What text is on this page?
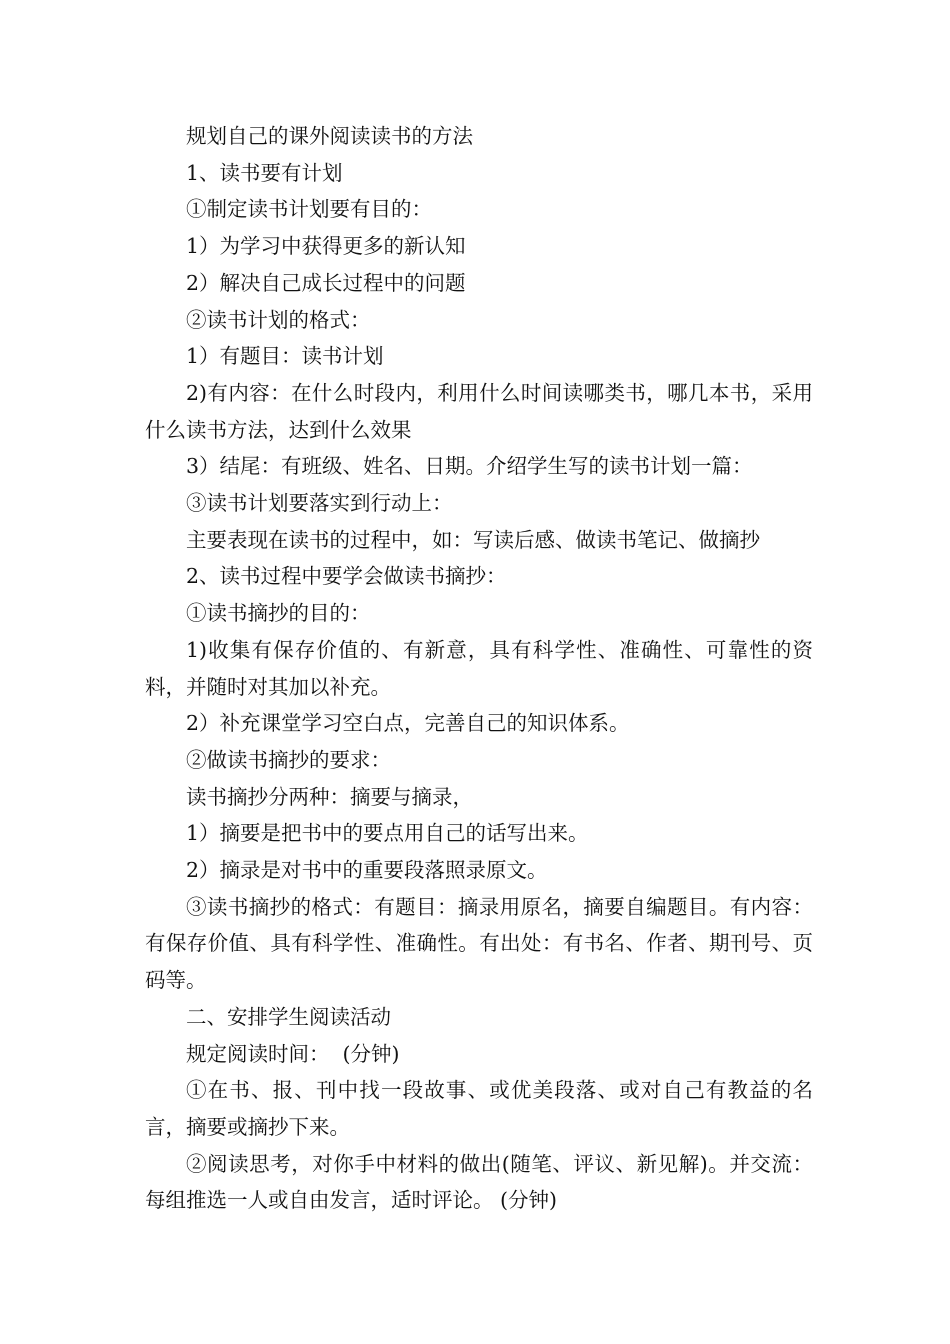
规划自己的课外阅读读书的方法

1、读书要有计划

①制定读书计划要有目的：

1）为学习中获得更多的新认知

2）解决自己成长过程中的问题

②读书计划的格式：

1）有题目：读书计划

2)有内容：在什么时段内，利用什么时间读哪类书，哪几本书，采用什么读书方法，达到什么效果

3）结尾：有班级、姓名、日期。介绍学生写的读书计划一篇：

③读书计划要落实到行动上：

主要表现在读书的过程中，如：写读后感、做读书笔记、做摘抄

2、读书过程中要学会做读书摘抄：

①读书摘抄的目的：

1)收集有保存价值的、有新意，具有科学性、准确性、可靠性的资料，并随时对其加以补充。

2）补充课堂学习空白点，完善自己的知识体系。

②做读书摘抄的要求：

读书摘抄分两种：摘要与摘录，

1）摘要是把书中的要点用自己的话写出来。

2）摘录是对书中的重要段落照录原文。

③读书摘抄的格式：有题目：摘录用原名，摘要自编题目。有内容：有保存价值、具有科学性、准确性。有出处：有书名、作者、期刊号、页码等。

二、安排学生阅读活动

规定阅读时间：  (分钟)

①在书、报、刊中找一段故事、或优美段落、或对自己有教益的名言，摘要或摘抄下来。

②阅读思考，对你手中材料的做出(随笔、评议、新见解)。并交流：每组推选一人或自由发言，适时评论。 (分钟)
